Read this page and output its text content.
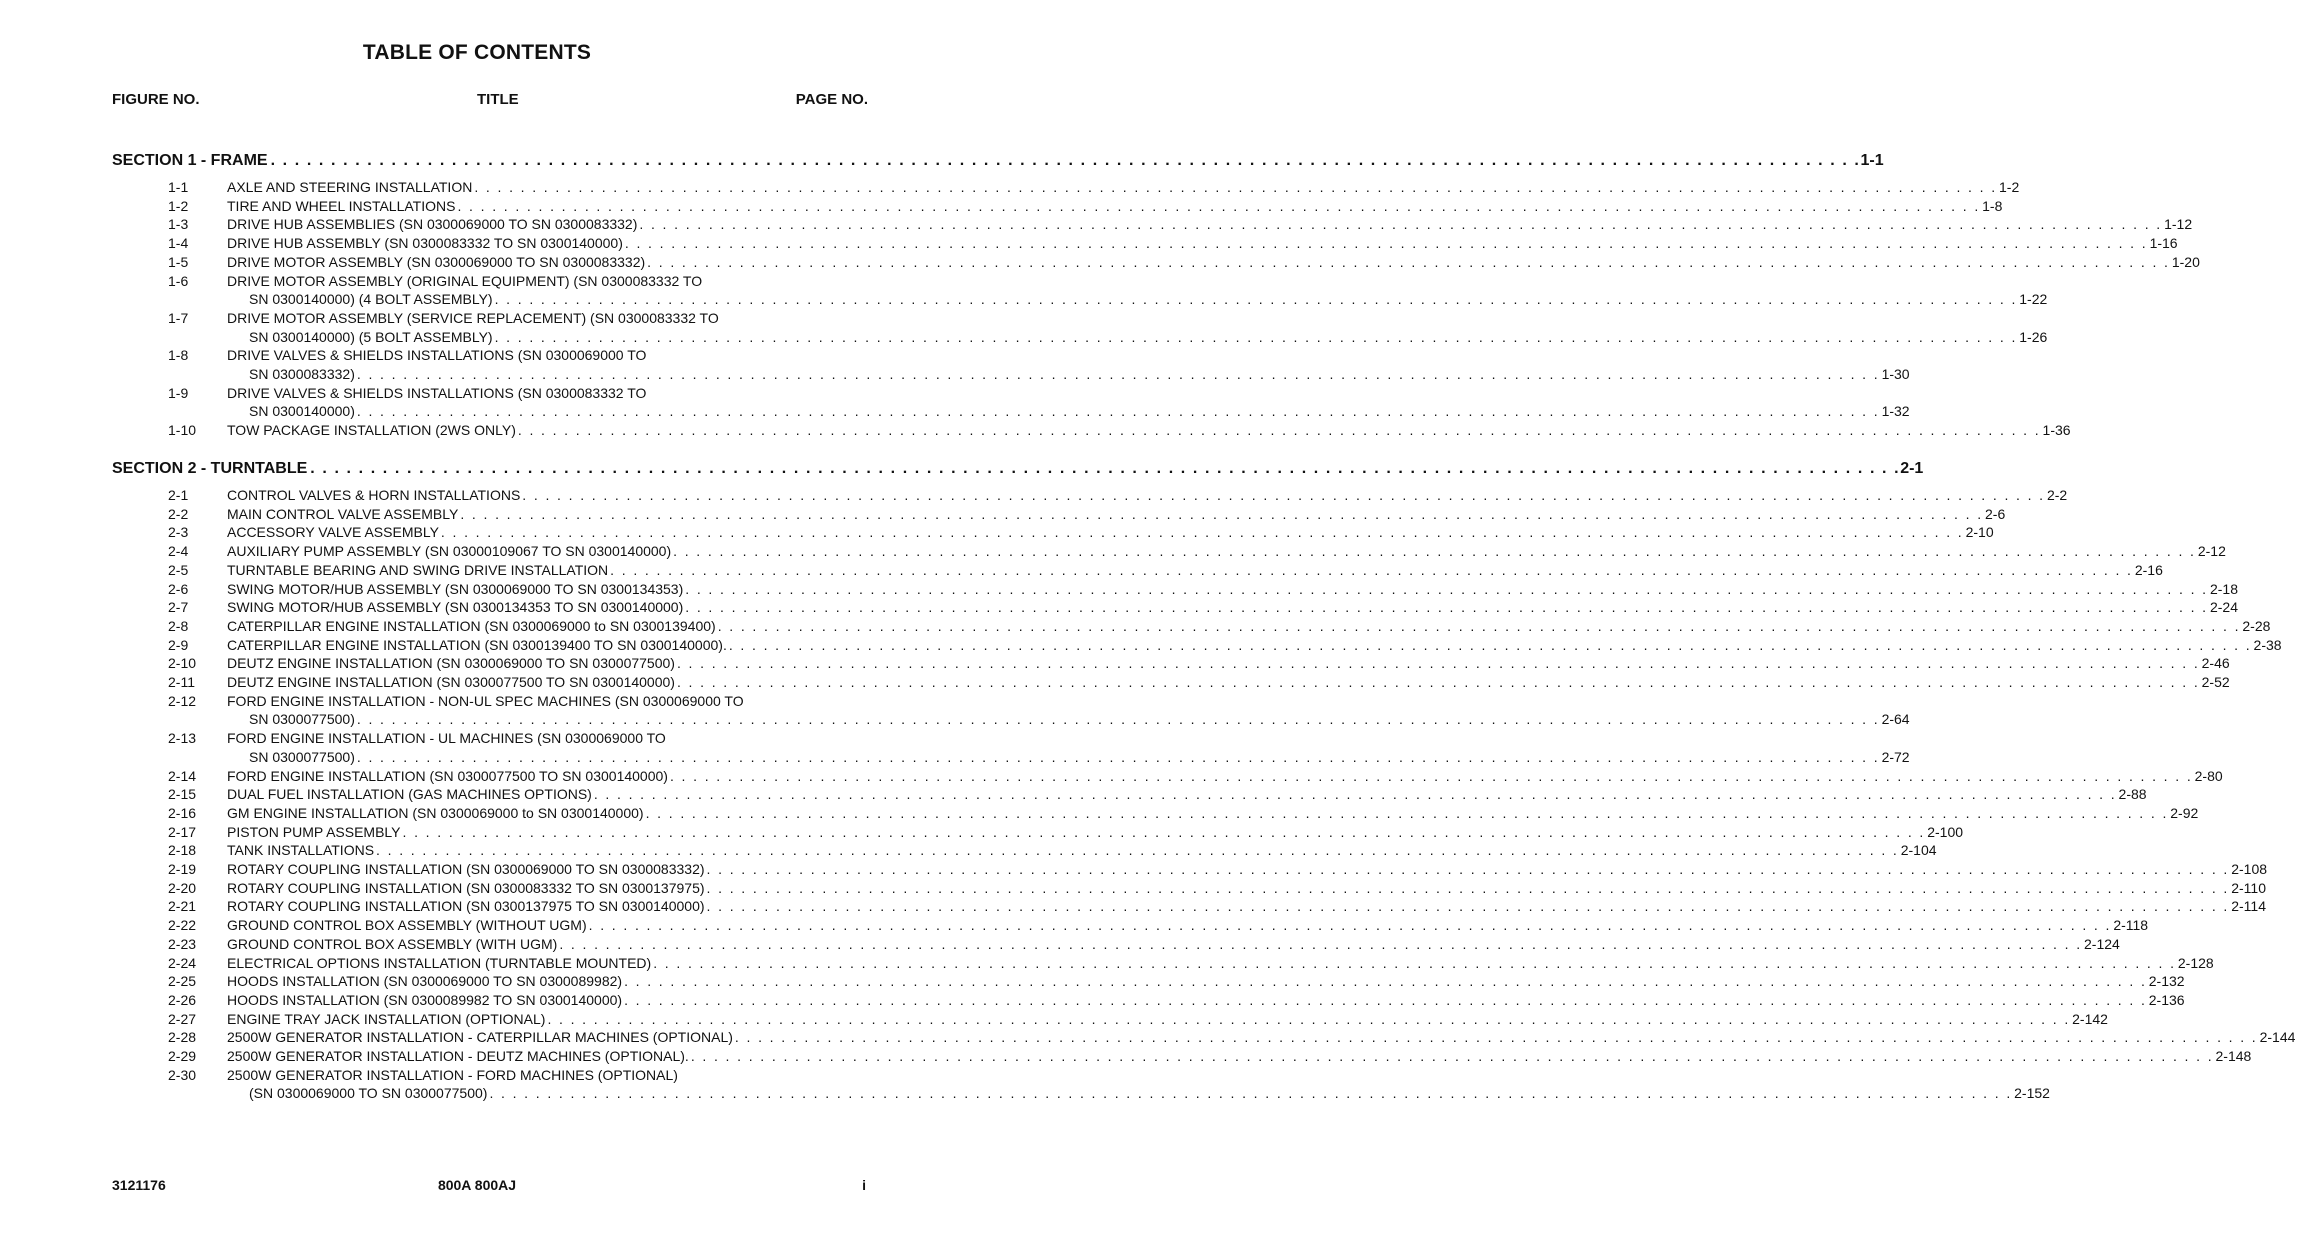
TABLE OF CONTENTS
FIGURE NO.	TITLE	PAGE NO.
SECTION 1 - FRAME . . . . . . . . . . . . . . . . . . . . . . . . . . . . . . . . . . . . . . . . . . . . . . . . . . . . . . . . . . . . . . . . . . . . . . . . . . . . . . . . . . . . . . . . . . . . . . . . . . . . . . . . . . . . . . . . . . . . . . . . . . . . . . . . . . . . 1-1
1-1	AXLE AND STEERING INSTALLATION . . . . . . . . . . . . . . . . . . . . . . . . . . . . . . . . . . . . . . . . . . . . . . . . . . . . . . . . . . . . . . . . . . . . . . . . . . . . . . . . . . . . . . . . . . . . . . . . . . . . . . . . . . . . . . . . . . . . . . . . . . . . . . . . . . . . 1-2
1-2	TIRE AND WHEEL INSTALLATIONS . . . . . . . . . . . . . . . . . . . . . . . . . . . . . . . . . . . . . . . . . . . . . . . . . . . . . . . . . . . . . . . . . . . . . . . . . . . . . . . . . . . . . . . . . . . . . . . . . . . . . . . . . . . . . . . . . . . . . . . . . . . . . . . . . . . . 1-8
1-3	DRIVE HUB ASSEMBLIES (SN 0300069000 TO SN 0300083332) . . . . . . . . . . . . . . . . . . . . . . . . . . . . . . . . . . . . . . . . . . . . . . . . . . . . . . . . . . . . . . . . . . . . . . . . . . . . . . . . . . . . . . . . . . . . . . . . . . . . . . . . . . . . . . . . . . . . . . . . . . . . . . . . . . . . 1-12
1-4	DRIVE HUB ASSEMBLY (SN 0300083332 TO SN 0300140000) . . . . . . . . . . . . . . . . . . . . . . . . . . . . . . . . . . . . . . . . . . . . . . . . . . . . . . . . . . . . . . . . . . . . . . . . . . . . . . . . . . . . . . . . . . . . . . . . . . . . . . . . . . . . . . . . . . . . . . . . . . . . . . . . . . . . 1-16
1-5	DRIVE MOTOR ASSEMBLY (SN 0300069000 TO SN 0300083332) . . . . . . . . . . . . . . . . . . . . . . . . . . . . . . . . . . . . . . . . . . . . . . . . . . . . . . . . . . . . . . . . . . . . . . . . . . . . . . . . . . . . . . . . . . . . . . . . . . . . . . . . . . . . . . . . . . . . . . . . . . . . . . . . . . . . 1-20
1-6	DRIVE MOTOR ASSEMBLY (ORIGINAL EQUIPMENT) (SN 0300083332 TO
SN 0300140000) (4 BOLT ASSEMBLY) . . . . . . . . . . . . . . . . . . . . . . . . . . . . . . . . . . . . . . . . . . . . . . . . . . . . . . . . . . . . . . . . . . . . . . . . . . . . . . . . . . . . . . . . . . . . . . . . . . . . . . . . . . . . . . . . . . . . . . . . . . . . . . . . . . . . 1-22
1-7	DRIVE MOTOR ASSEMBLY (SERVICE REPLACEMENT) (SN 0300083332 TO
SN 0300140000) (5 BOLT ASSEMBLY) . . . . . . . . . . . . . . . . . . . . . . . . . . . . . . . . . . . . . . . . . . . . . . . . . . . . . . . . . . . . . . . . . . . . . . . . . . . . . . . . . . . . . . . . . . . . . . . . . . . . . . . . . . . . . . . . . . . . . . . . . . . . . . . . . . . . 1-26
1-8	DRIVE VALVES & SHIELDS INSTALLATIONS (SN 0300069000 TO
SN 0300083332) . . . . . . . . . . . . . . . . . . . . . . . . . . . . . . . . . . . . . . . . . . . . . . . . . . . . . . . . . . . . . . . . . . . . . . . . . . . . . . . . . . . . . . . . . . . . . . . . . . . . . . . . . . . . . . . . . . . . . . . . . . . . . . . . . . . . 1-30
1-9	DRIVE VALVES & SHIELDS INSTALLATIONS (SN 0300083332 TO
SN 0300140000) . . . . . . . . . . . . . . . . . . . . . . . . . . . . . . . . . . . . . . . . . . . . . . . . . . . . . . . . . . . . . . . . . . . . . . . . . . . . . . . . . . . . . . . . . . . . . . . . . . . . . . . . . . . . . . . . . . . . . . . . . . . . . . . . . . . . 1-32
1-10 TOW PACKAGE INSTALLATION (2WS ONLY) . . . . . . . . . . . . . . . . . . . . . . . . . . . . . . . . . . . . . . . . . . . . . . . . . . . . . . . . . . . . . . . . . . . . . . . . . . . . . . . . . . . . . . . . . . . . . . . . . . . . . . . . . . . . . . . . . . . . . . . . . . . . . . . . . . . . 1-36
SECTION 2 - TURNTABLE . . . . . . . . . . . . . . . . . . . . . . . . . . . . . . . . . . . . . . . . . . . . . . . . . . . . . . . . . . . . . . . . . . . . . . . . . . . . . . . . . . . . . . . . . . . . . . . . . . . . . . . . . . . . . . . . . . . . . . . . . . . . . . . . . . . . 2-1
2-1	CONTROL VALVES & HORN INSTALLATIONS . . . . . . . . . . . . . . . . . . . . . . . . . . . . . . . . . . . . . . . . . . . . . . . . . . . . . . . . . . . . . . . . . . . . . . . . . . . . . . . . . . . . . . . . . . . . . . . . . . . . . . . . . . . . . . . . . . . . . . . . . . . . . . . . . . . . 2-2
2-2	MAIN CONTROL VALVE ASSEMBLY . . . . . . . . . . . . . . . . . . . . . . . . . . . . . . . . . . . . . . . . . . . . . . . . . . . . . . . . . . . . . . . . . . . . . . . . . . . . . . . . . . . . . . . . . . . . . . . . . . . . . . . . . . . . . . . . . . . . . . . . . . . . . . . . . . . . 2-6
2-3	ACCESSORY VALVE ASSEMBLY . . . . . . . . . . . . . . . . . . . . . . . . . . . . . . . . . . . . . . . . . . . . . . . . . . . . . . . . . . . . . . . . . . . . . . . . . . . . . . . . . . . . . . . . . . . . . . . . . . . . . . . . . . . . . . . . . . . . . . . . . . . . . . . . . . . . 2-10
2-4	AUXILIARY PUMP ASSEMBLY (SN 03000109067 TO SN 0300140000) . . . . . . . . . . . . . . . . . . . . . . . . . . . . . . . . . . . . . . . . . . . . . . . . . . . . . . . . . . . . . . . . . . . . . . . . . . . . . . . . . . . . . . . . . . . . . . . . . . . . . . . . . . . . . . . . . . . . . . . . . . . . . . . . . . . . 2-12
2-5	TURNTABLE BEARING AND SWING DRIVE INSTALLATION . . . . . . . . . . . . . . . . . . . . . . . . . . . . . . . . . . . . . . . . . . . . . . . . . . . . . . . . . . . . . . . . . . . . . . . . . . . . . . . . . . . . . . . . . . . . . . . . . . . . . . . . . . . . . . . . . . . . . . . . . . . . . . . . . . . . 2-16
2-6	SWING MOTOR/HUB ASSEMBLY (SN 0300069000 TO SN 0300134353) . . . . . . . . . . . . . . . . . . . . . . . . . . . . . . . . . . . . . . . . . . . . . . . . . . . . . . . . . . . . . . . . . . . . . . . . . . . . . . . . . . . . . . . . . . . . . . . . . . . . . . . . . . . . . . . . . . . . . . . . . . . . . . . . . . . . 2-18
2-7	SWING MOTOR/HUB ASSEMBLY (SN 0300134353 TO SN 0300140000) . . . . . . . . . . . . . . . . . . . . . . . . . . . . . . . . . . . . . . . . . . . . . . . . . . . . . . . . . . . . . . . . . . . . . . . . . . . . . . . . . . . . . . . . . . . . . . . . . . . . . . . . . . . . . . . . . . . . . . . . . . . . . . . . . . . . 2-24
2-8	CATERPILLAR ENGINE INSTALLATION (SN 0300069000 to SN 0300139400) . . . . . . . . . . . . . . . . . . . . . . . . . . . . . . . . . . . . . . . . . . . . . . . . . . . . . . . . . . . . . . . . . . . . . . . . . . . . . . . . . . . . . . . . . . . . . . . . . . . . . . . . . . . . . . . . . . . . . . . . . . . . . . . . . . . . 2-28
2-9	CATERPILLAR ENGINE INSTALLATION (SN 0300139400 TO SN 0300140000). . . . . . . . . . . . . . . . . . . . . . . . . . . . . . . . . . . . . . . . . . . . . . . . . . . . . . . . . . . . . . . . . . . . . . . . . . . . . . . . . . . . . . . . . . . . . . . . . . . . . . . . . . . . . . . . . . . . . . . . . . . . . . . . . . . . . 2-38
2-10 DEUTZ ENGINE INSTALLATION (SN 0300069000 TO SN 0300077500) . . . . . . . . . . . . . . . . . . . . . . . . . . . . . . . . . . . . . . . . . . . . . . . . . . . . . . . . . . . . . . . . . . . . . . . . . . . . . . . . . . . . . . . . . . . . . . . . . . . . . . . . . . . . . . . . . . . . . . . . . . . . . . . . . . . . 2-46
2-11 DEUTZ ENGINE INSTALLATION (SN 0300077500 TO SN 0300140000) . . . . . . . . . . . . . . . . . . . . . . . . . . . . . . . . . . . . . . . . . . . . . . . . . . . . . . . . . . . . . . . . . . . . . . . . . . . . . . . . . . . . . . . . . . . . . . . . . . . . . . . . . . . . . . . . . . . . . . . . . . . . . . . . . . . . 2-52
2-12 FORD ENGINE INSTALLATION - NON-UL SPEC MACHINES (SN 0300069000 TO
SN 0300077500) . . . . . . . . . . . . . . . . . . . . . . . . . . . . . . . . . . . . . . . . . . . . . . . . . . . . . . . . . . . . . . . . . . . . . . . . . . . . . . . . . . . . . . . . . . . . . . . . . . . . . . . . . . . . . . . . . . . . . . . . . . . . . . . . . . . . 2-64
2-13 FORD ENGINE INSTALLATION - UL MACHINES (SN 0300069000 TO
SN 0300077500) . . . . . . . . . . . . . . . . . . . . . . . . . . . . . . . . . . . . . . . . . . . . . . . . . . . . . . . . . . . . . . . . . . . . . . . . . . . . . . . . . . . . . . . . . . . . . . . . . . . . . . . . . . . . . . . . . . . . . . . . . . . . . . . . . . . . 2-72
2-14 FORD ENGINE INSTALLATION (SN 0300077500 TO SN 0300140000) . . . . . . . . . . . . . . . . . . . . . . . . . . . . . . . . . . . . . . . . . . . . . . . . . . . . . . . . . . . . . . . . . . . . . . . . . . . . . . . . . . . . . . . . . . . . . . . . . . . . . . . . . . . . . . . . . . . . . . . . . . . . . . . . . . . . 2-80
2-15 DUAL FUEL INSTALLATION (GAS MACHINES OPTIONS) . . . . . . . . . . . . . . . . . . . . . . . . . . . . . . . . . . . . . . . . . . . . . . . . . . . . . . . . . . . . . . . . . . . . . . . . . . . . . . . . . . . . . . . . . . . . . . . . . . . . . . . . . . . . . . . . . . . . . . . . . . . . . . . . . . . . 2-88
2-16 GM ENGINE INSTALLATION (SN 0300069000 to SN 0300140000) . . . . . . . . . . . . . . . . . . . . . . . . . . . . . . . . . . . . . . . . . . . . . . . . . . . . . . . . . . . . . . . . . . . . . . . . . . . . . . . . . . . . . . . . . . . . . . . . . . . . . . . . . . . . . . . . . . . . . . . . . . . . . . . . . . . . 2-92
2-17 PISTON PUMP ASSEMBLY . . . . . . . . . . . . . . . . . . . . . . . . . . . . . . . . . . . . . . . . . . . . . . . . . . . . . . . . . . . . . . . . . . . . . . . . . . . . . . . . . . . . . . . . . . . . . . . . . . . . . . . . . . . . . . . . . . . . . . . . . . . . . . . . . . . . 2-100
2-18 TANK INSTALLATIONS . . . . . . . . . . . . . . . . . . . . . . . . . . . . . . . . . . . . . . . . . . . . . . . . . . . . . . . . . . . . . . . . . . . . . . . . . . . . . . . . . . . . . . . . . . . . . . . . . . . . . . . . . . . . . . . . . . . . . . . . . . . . . . . . . . . . 2-104
2-19 ROTARY COUPLING INSTALLATION (SN 0300069000 TO SN 0300083332) . . . . . . . . . . . . . . . . . . . . . . . . . . . . . . . . . . . . . . . . . . . . . . . . . . . . . . . . . . . . . . . . . . . . . . . . . . . . . . . . . . . . . . . . . . . . . . . . . . . . . . . . . . . . . . . . . . . . . . . . . . . . . . . . . . . . 2-108
2-20 ROTARY COUPLING INSTALLATION (SN 0300083332 TO SN 0300137975) . . . . . . . . . . . . . . . . . . . . . . . . . . . . . . . . . . . . . . . . . . . . . . . . . . . . . . . . . . . . . . . . . . . . . . . . . . . . . . . . . . . . . . . . . . . . . . . . . . . . . . . . . . . . . . . . . . . . . . . . . . . . . . . . . . . . 2-110
2-21 ROTARY COUPLING INSTALLATION (SN 0300137975 TO SN 0300140000) . . . . . . . . . . . . . . . . . . . . . . . . . . . . . . . . . . . . . . . . . . . . . . . . . . . . . . . . . . . . . . . . . . . . . . . . . . . . . . . . . . . . . . . . . . . . . . . . . . . . . . . . . . . . . . . . . . . . . . . . . . . . . . . . . . . . 2-114
2-22 GROUND CONTROL BOX ASSEMBLY (WITHOUT UGM) . . . . . . . . . . . . . . . . . . . . . . . . . . . . . . . . . . . . . . . . . . . . . . . . . . . . . . . . . . . . . . . . . . . . . . . . . . . . . . . . . . . . . . . . . . . . . . . . . . . . . . . . . . . . . . . . . . . . . . . . . . . . . . . . . . . . 2-118
2-23 GROUND CONTROL BOX ASSEMBLY (WITH UGM) . . . . . . . . . . . . . . . . . . . . . . . . . . . . . . . . . . . . . . . . . . . . . . . . . . . . . . . . . . . . . . . . . . . . . . . . . . . . . . . . . . . . . . . . . . . . . . . . . . . . . . . . . . . . . . . . . . . . . . . . . . . . . . . . . . . . 2-124
2-24 ELECTRICAL OPTIONS INSTALLATION (TURNTABLE MOUNTED) . . . . . . . . . . . . . . . . . . . . . . . . . . . . . . . . . . . . . . . . . . . . . . . . . . . . . . . . . . . . . . . . . . . . . . . . . . . . . . . . . . . . . . . . . . . . . . . . . . . . . . . . . . . . . . . . . . . . . . . . . . . . . . . . . . . . 2-128
2-25 HOODS INSTALLATION (SN 0300069000 TO SN 0300089982) . . . . . . . . . . . . . . . . . . . . . . . . . . . . . . . . . . . . . . . . . . . . . . . . . . . . . . . . . . . . . . . . . . . . . . . . . . . . . . . . . . . . . . . . . . . . . . . . . . . . . . . . . . . . . . . . . . . . . . . . . . . . . . . . . . . . 2-132
2-26 HOODS INSTALLATION (SN 0300089982 TO SN 0300140000) . . . . . . . . . . . . . . . . . . . . . . . . . . . . . . . . . . . . . . . . . . . . . . . . . . . . . . . . . . . . . . . . . . . . . . . . . . . . . . . . . . . . . . . . . . . . . . . . . . . . . . . . . . . . . . . . . . . . . . . . . . . . . . . . . . . . 2-136
2-27 ENGINE TRAY JACK INSTALLATION (OPTIONAL) . . . . . . . . . . . . . . . . . . . . . . . . . . . . . . . . . . . . . . . . . . . . . . . . . . . . . . . . . . . . . . . . . . . . . . . . . . . . . . . . . . . . . . . . . . . . . . . . . . . . . . . . . . . . . . . . . . . . . . . . . . . . . . . . . . . . 2-142
2-28 2500W GENERATOR INSTALLATION - CATERPILLAR MACHINES (OPTIONAL) . . . . . . . . . . . . . . . . . . . . . . . . . . . . . . . . . . . . . . . . . . . . . . . . . . . . . . . . . . . . . . . . . . . . . . . . . . . . . . . . . . . . . . . . . . . . . . . . . . . . . . . . . . . . . . . . . . . . . . . . . . . . . . . . . . . . 2-144
2-29 2500W GENERATOR INSTALLATION - DEUTZ MACHINES (OPTIONAL). . . . . . . . . . . . . . . . . . . . . . . . . . . . . . . . . . . . . . . . . . . . . . . . . . . . . . . . . . . . . . . . . . . . . . . . . . . . . . . . . . . . . . . . . . . . . . . . . . . . . . . . . . . . . . . . . . . . . . . . . . . . . . . . . . . . . 2-148
2-30 2500W GENERATOR INSTALLATION - FORD MACHINES (OPTIONAL)
(SN 0300069000 TO SN 0300077500) . . . . . . . . . . . . . . . . . . . . . . . . . . . . . . . . . . . . . . . . . . . . . . . . . . . . . . . . . . . . . . . . . . . . . . . . . . . . . . . . . . . . . . . . . . . . . . . . . . . . . . . . . . . . . . . . . . . . . . . . . . . . . . . . . . . . 2-152
3121176	800A 800AJ	i
